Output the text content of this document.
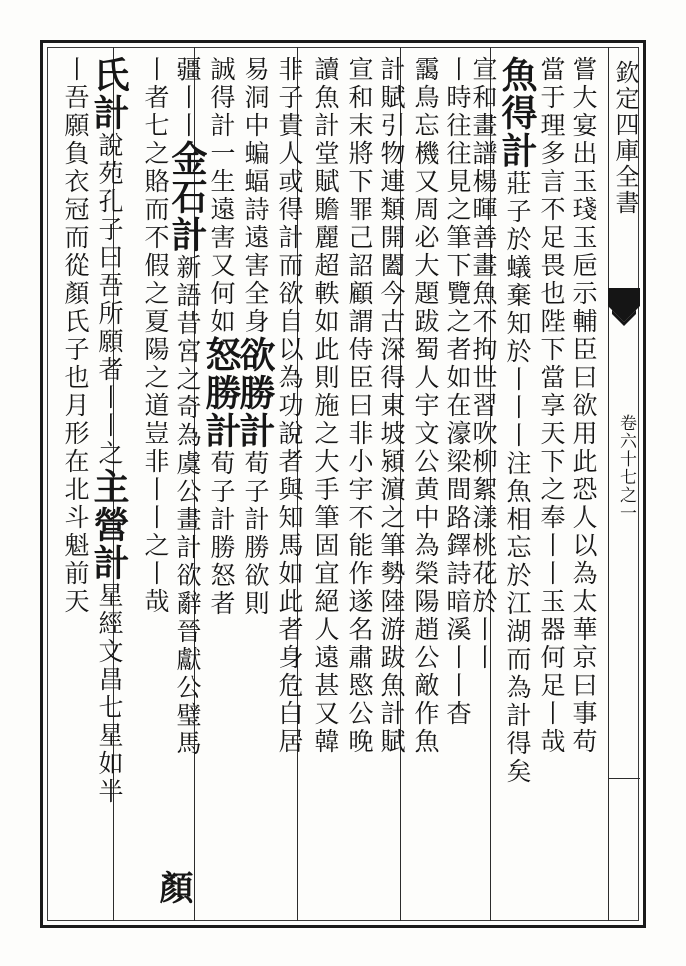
欽定四庫全書
卷六十七之一
嘗大宴出玉琖玉巵示輔臣曰欲用此恐人以為太華京曰事苟
當于理多言不足畏也陛下當享天下之奉丨丨玉器何足丨哉
魚得計莊子於蟻棄知於丨丨丨注魚相忘於江湖而為計得矣
宣和畫譜楊暉善畫魚不拘世習吹柳絮漾桃花於丨丨
丨時往往見之筆下覽之者如在濠梁間路鐸詩暗溪丨丨杳
靄鳥忘機又周必大題跋蜀人宇文公黄中為榮陽趙公敵作魚
計賦引物連類開闔今古深得東坡潁濵之筆勢陸游跋魚計賦
宣和末將下罪己詔顧謂侍臣曰非小宇不能作遂名肅愍公晚
讀魚計堂賦贍麗超軼如此則施之大手筆固宜絕人遠甚又韓
非子貴人或得計而欲自以為功說者與知馬如此者身危白居
易洞中蝙蝠詩遠害全身欲勝計荀子計勝欲則
誠得計一生遠害又何如怒勝計荀子計勝怒者
疆丨丨金石計新語昔宮之奇為虞公畫計欲辭晉獻公璧馬
丨者七之賂而不假之夏陽之道豈非丨丨之丨哉
顏
氏計說苑孔子曰吾所願者丨丨之主營計星經文昌七星如半
丨吾願負衣冠而從顏氏子也月形在北斗魁前天
